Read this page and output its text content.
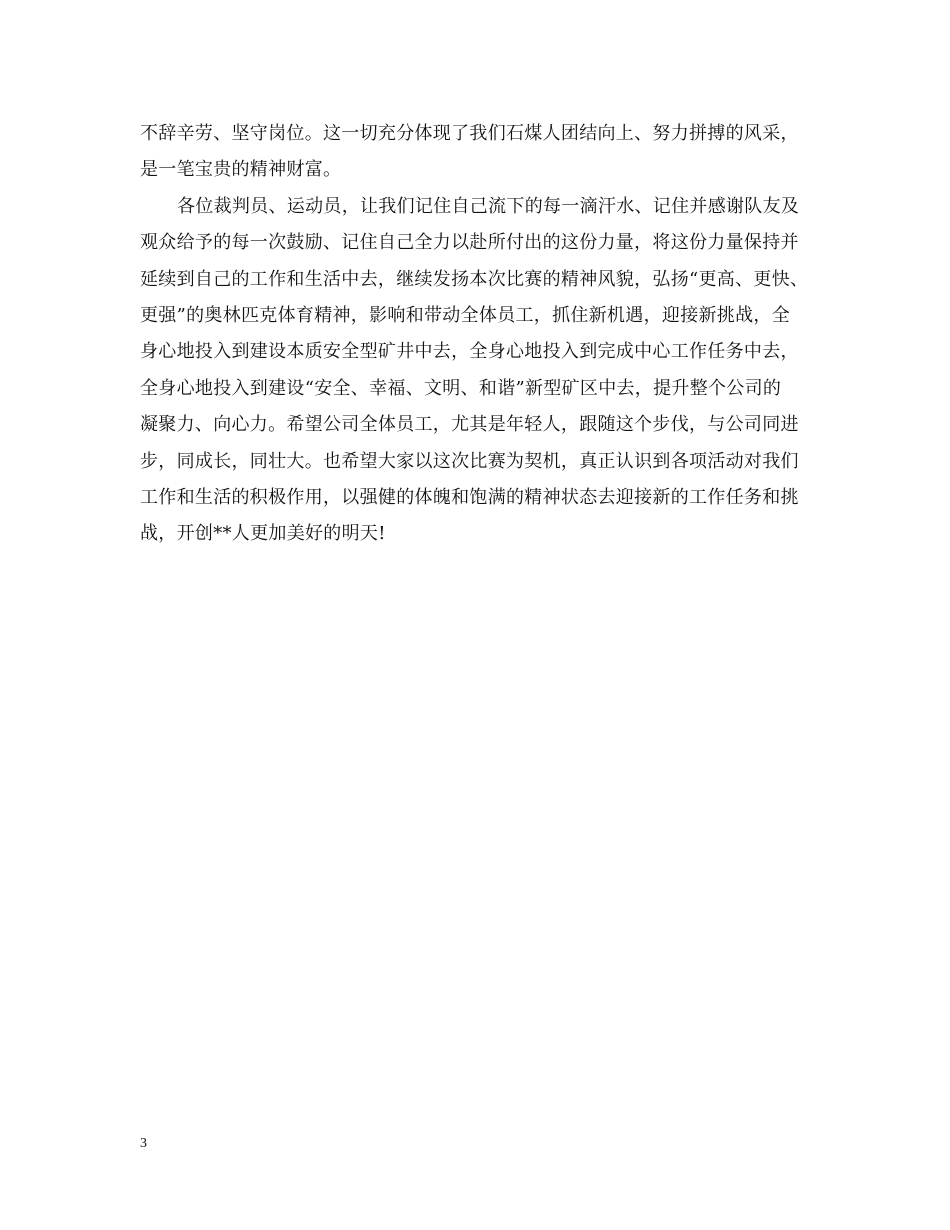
不辞辛劳、坚守岗位。这一切充分体现了我们石煤人团结向上、努力拼搏的风采，
是一笔宝贵的精神财富。
各位裁判员、运动员，让我们记住自己流下的每一滴汗水、记住并感谢队友及
观众给予的每一次鼓励、记住自己全力以赴所付出的这份力量，将这份力量保持并
延续到自己的工作和生活中去，继续发扬本次比赛的精神风貌，弘扬“更高、更快、
更强”的奥林匹克体育精神，影响和带动全体员工，抓住新机遇，迎接新挑战，全
身心地投入到建设本质安全型矿井中去，全身心地投入到完成中心工作任务中去，
全身心地投入到建设“安全、幸福、文明、和谐”新型矿区中去，提升整个公司的
凝聚力、向心力。希望公司全体员工，尤其是年轻人，跟随这个步伐，与公司同进
步，同成长，同壮大。也希望大家以这次比赛为契机，真正认识到各项活动对我们
工作和生活的积极作用，以强健的体魄和饱满的精神状态去迎接新的工作任务和挑
战，开创**人更加美好的明天!
3
